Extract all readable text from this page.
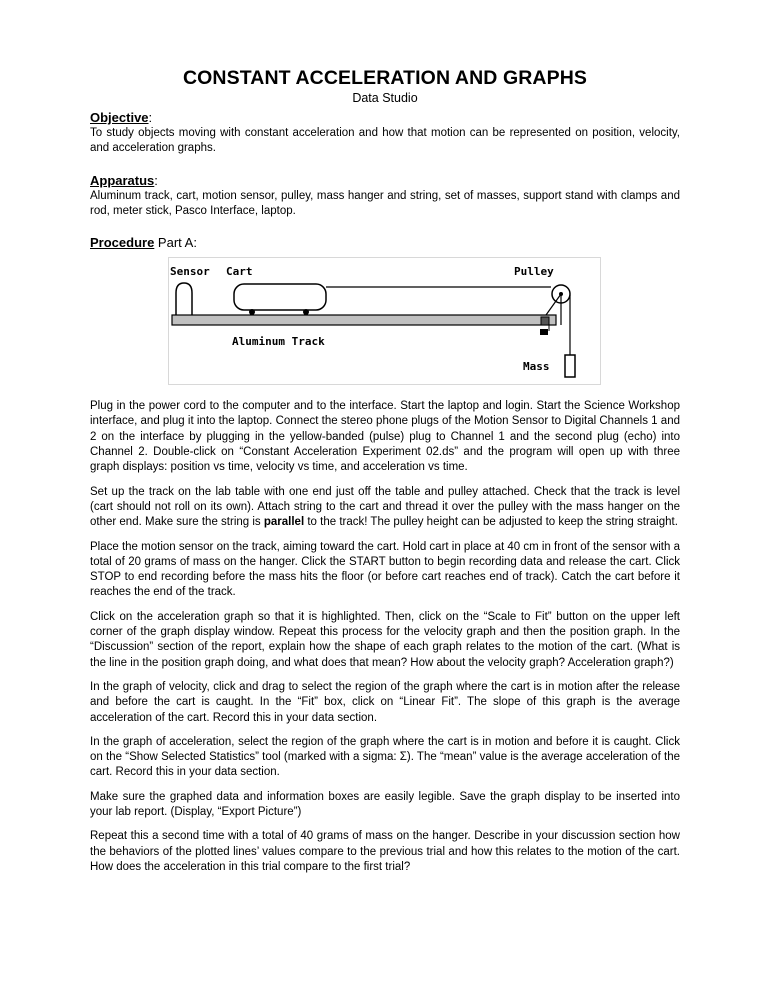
CONSTANT ACCELERATION AND GRAPHS

Data Studio

Objective:

To study objects moving with constant acceleration and how that motion can be represented on position, velocity, and acceleration graphs.

Apparatus:

Aluminum track, cart, motion sensor, pulley, mass hanger and string, set of masses, support stand with clamps and rod, meter stick, Pasco Interface, laptop.

Procedure Part A:

Sensor Cart	Pulley
Aluminum Track
Mass

Plug in the power cord to the computer and to the interface. Start the laptop and login. Start the Science Workshop interface, and plug it into the laptop. Connect the stereo phone plugs of the Motion Sensor to Digital Channels 1 and 2 on the interface by plugging in the yellow-banded (pulse) plug to Channel 1 and the second plug (echo) into Channel 2. Double-click on “Constant Acceleration Experiment 02.ds” and the program will open up with three graph displays: position vs time, velocity vs time, and acceleration vs time.

Set up the track on the lab table with one end just off the table and pulley attached. Check that the track is level (cart should not roll on its own). Attach string to the cart and thread it over the pulley with the mass hanger on the other end. Make sure the string is parallel to the track! The pulley height can be adjusted to keep the string straight.

Place the motion sensor on the track, aiming toward the cart. Hold cart in place at 40 cm in front of the sensor with a total of 20 grams of mass on the hanger. Click the START button to begin recording data and release the cart. Click STOP to end recording before the mass hits the floor (or before cart reaches end of track). Catch the cart before it reaches the end of the track.

Click on the acceleration graph so that it is highlighted. Then, click on the “Scale to Fit” button on the upper left corner of the graph display window. Repeat this process for the velocity graph and then the position graph. In the “Discussion” section of the report, explain how the shape of each graph relates to the motion of the cart. (What is the line in the position graph doing, and what does that mean? How about the velocity graph? Acceleration graph?)

In the graph of velocity, click and drag to select the region of the graph where the cart is in motion after the release and before the cart is caught. In the “Fit” box, click on “Linear Fit”. The slope of this graph is the average acceleration of the cart. Record this in your data section.

In the graph of acceleration, select the region of the graph where the cart is in motion and before it is caught. Click on the “Show Selected Statistics” tool (marked with a sigma: Σ). The “mean” value is the average acceleration of the cart. Record this in your data section.

Make sure the graphed data and information boxes are easily legible. Save the graph display to be inserted into your lab report. (Display, “Export Picture”)

Repeat this a second time with a total of 40 grams of mass on the hanger. Describe in your discussion section how the behaviors of the plotted lines’ values compare to the previous trial and how this relates to the motion of the cart. How does the acceleration in this trial compare to the first trial?
